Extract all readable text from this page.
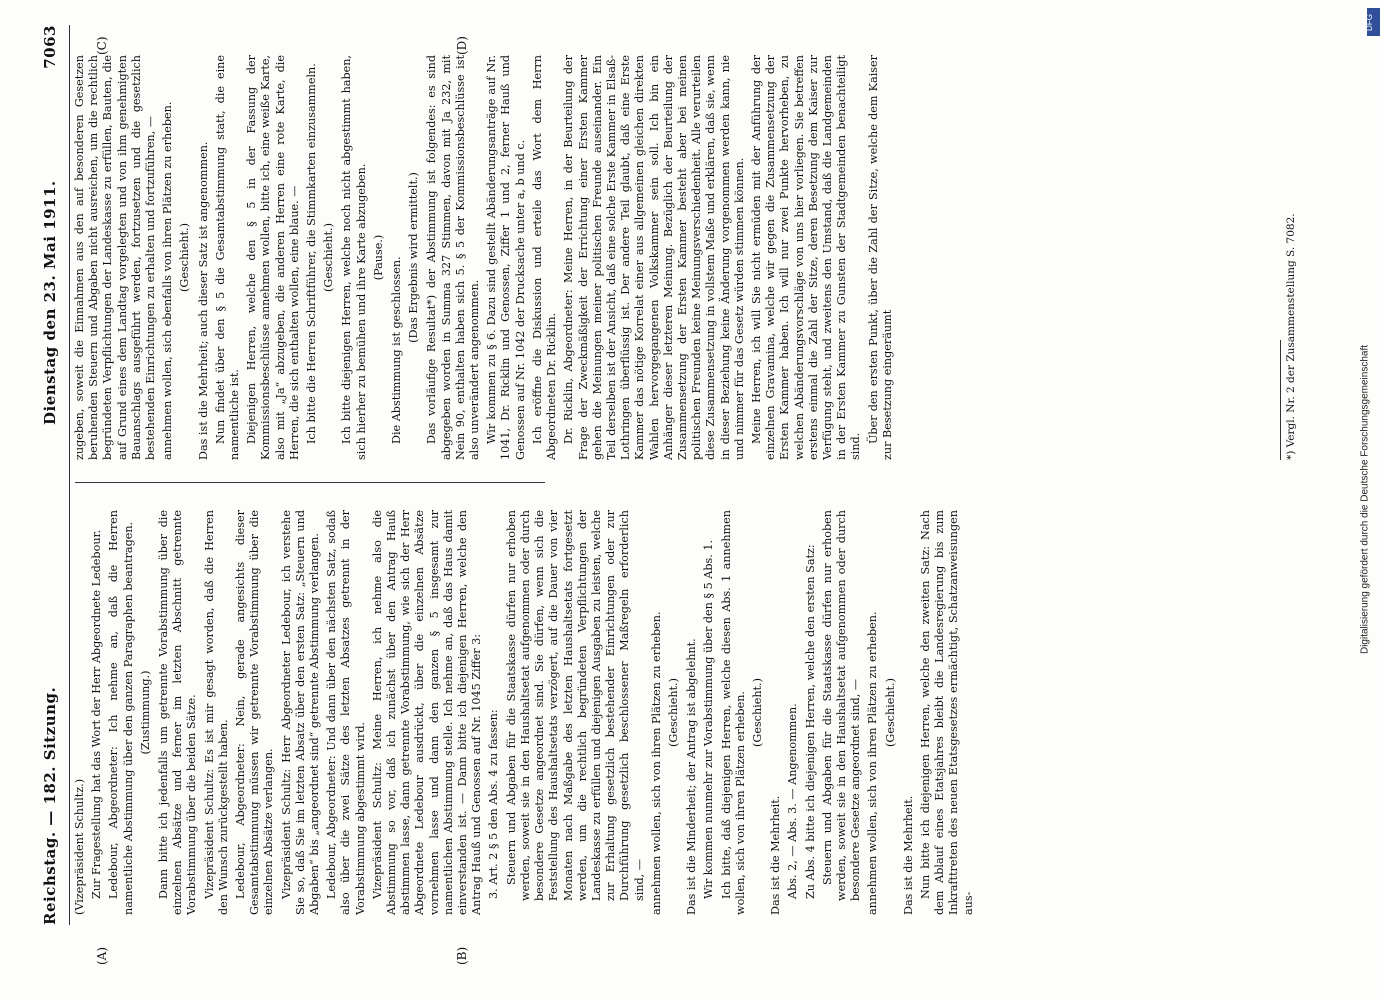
Reichstag. — 182. Sitzung.
Dienstag den 23. Mai 1911.
7063
(A)	(B)
(C)	(D)

(Vizepräsident Schultz.) Zur Fragestellung hat das Wort der Herr Abgeordnete Ledebour. Ledebour, Abgeordneter: Ich nehme an, daß die Herren namentliche Abstimmung über den ganzen Paragraphen beantragen. (Zustimmung.) Dann bitte ich jedenfalls um getrennte Vorabstimmung über die einzelnen Absätze und ferner im letzten Abschnitt getrennte Vorabstimmung über die beiden Sätze. Vizepräsident Schultz: Es ist mir gesagt worden, daß die Herren den Wunsch zurückgestellt haben. Ledebour, Abgeordneter: Nein, gerade angesichts dieser Gesamtabstimmung müssen wir getrennte Vorabstimmung über die einzelnen Absätze verlangen. Vizepräsident Schultz: Herr Abgeordneter Ledebour, ich verstehe Sie so, daß Sie im letzten Absatz über den ersten Satz: „Steuern und Abgaben“ bis „angeordnet sind“ getrennte Abstimmung verlangen. Ledebour, Abgeordneter: Und dann über den nächsten Satz, sodaß also über die zwei Sätze des letzten Absatzes getrennt in der Vorabstimmung abgestimmt wird. Vizepräsident Schultz: Meine Herren, ich nehme also die Abstimmung so vor, daß ich zunächst über den Antrag Hauß abstimmen lasse, dann getrennte Vorabstimmung, wie sich der Herr Abgeordnete Ledebour ausdrückt, über die einzelnen Absätze vornehmen lasse und dann den ganzen § 5 insgesamt zur namentlichen Abstimmung stelle. Ich nehme an, daß das Haus damit einverstanden ist. — Dann bitte ich diejenigen Herren, welche den Antrag Hauß und Genossen auf Nr. 1045 Ziffer 3: 3. Art. 2 § 5 den Abs. 4 zu fassen: Steuern und Abgaben für die Staatskasse dürfen nur erhoben werden, soweit sie in den Haushaltsetat aufgenommen oder durch besondere Gesetze angeordnet sind. Sie dürfen, wenn sich die Feststellung des Haushaltsetats verzögert, auf die Dauer von vier Monaten nach Maßgabe des letzten Haushaltsetats fortgesetzt werden, um die rechtlich begründeten Verpflichtungen der Landeskasse zu erfüllen und diejenigen Ausgaben zu leisten, welche zur Erhaltung gesetzlich bestehender Einrichtungen oder zur Durchführung gesetzlich beschlossener Maßregeln erforderlich sind, — annehmen wollen, sich von ihren Plätzen zu erheben. (Geschieht.) Das ist die Minderheit; der Antrag ist abgelehnt. Wir kommen nunmehr zur Vorabstimmung über den § 5 Abs. 1. Ich bitte, daß diejenigen Herren, welche diesen Abs. 1 annehmen wollen, sich von ihren Plätzen erheben. (Geschieht.)

Das ist die Mehrheit. Abs. 2, — Abs. 3. — Angenommen. Zu Abs. 4 bitte ich diejenigen Herren, welche den ersten Satz: Steuern und Abgaben für die Staatskasse dürfen nur erhoben werden, soweit sie in den Haushaltsetat aufgenommen oder durch besondere Gesetze angeordnet sind, — annehmen wollen, sich von ihren Plätzen zu erheben. (Geschieht.)

Das ist die Mehrheit. Nun bitte ich diejenigen Herren, welche den zweiten Satz: Nach dem Ablauf eines Etatsjahres bleibt die Landesregierung bis zum Inkrafttreten des neuen Etatsgesetzes ermächtigt, Schatzanweisungen aus-

zugeben, soweit die Einnahmen aus den auf besonderen Gesetzen beruhenden Steuern und Abgaben nicht ausreichen, um die rechtlich begründeten Verpflichtungen der Landeskasse zu erfüllen, Bauten, die auf Grund eines dem Landtag vorgelegten und von ihm genehmigten Bauanschlags ausgeführt werden, fortzusetzen und die gesetzlich bestehenden Einrichtungen zu erhalten und fortzuführen, — annehmen wollen, sich ebenfalls von ihren Plätzen zu erheben. (Geschieht.) Das ist die Mehrheit; auch dieser Satz ist angenommen. Nun findet über den § 5 die Gesamtabstimmung statt, die eine namentliche ist. Diejenigen Herren, welche den § 5 in der Fassung der Kommissionsbeschlüsse annehmen wollen, bitte ich, eine weiße Karte, also mit „Ja“ abzugeben, die anderen Herren eine rote Karte, die Herren, die sich enthalten wollen, eine blaue. — Ich bitte die Herren Schriftführer, die Stimmkarten einzusammeln. (Geschieht.) Ich bitte diejenigen Herren, welche noch nicht abgestimmt haben, sich hierher zu bemühen und ihre Karte abzugeben. (Pause.) Die Abstimmung ist geschlossen. (Das Ergebnis wird ermittelt.) Das vorläufige Resultat*) der Abstimmung ist folgendes: es sind abgegeben worden in Summa 327 Stimmen, davon mit Ja 232, mit Nein 90, enthalten haben sich 5. § 5 der Kommissionsbeschlüsse ist also unverändert angenommen. Wir kommen zu § 6. Dazu sind gestellt Abänderungsanträge auf Nr. 1041, Dr. Ricklin und Genossen, Ziffer 1 und 2, ferner Hauß und Genossen auf Nr. 1042 der Drucksache unter a, b und c. Ich eröffne die Diskussion und erteile das Wort dem Herrn Abgeordneten Dr. Ricklin. Dr. Ricklin, Abgeordneter: Meine Herren, in der Beurteilung der Frage der Zweckmäßigkeit der Errichtung einer Ersten Kammer gehen die Meinungen meiner politischen Freunde auseinander. Ein Teil derselben ist der Ansicht, daß eine solche Erste Kammer in Elsaß-Lothringen überflüssig ist. Der andere Teil glaubt, daß eine Erste Kammer das nötige Korrelat einer aus allgemeinen gleichen direkten Wahlen hervorgegangenen Volkskammer sein soll. Ich bin ein Anhänger dieser letzteren Meinung. Bezüglich der Beurteilung der Zusammensetzung der Ersten Kammer besteht aber bei meinen politischen Freunden keine Meinungsverschiedenheit. Alle verurteilen diese Zusammensetzung in vollstem Maße und erklären, daß sie, wenn in dieser Beziehung keine Änderung vorgenommen werden kann, nie und nimmer für das Gesetz würden stimmen können. Meine Herren, ich will Sie nicht ermüden mit der Anführung der einzelnen Gravamina, welche wir gegen die Zusammensetzung der Ersten Kammer haben. Ich will nur zwei Punkte hervorheben, zu welchen Abänderungsvorschläge von uns hier vorliegen. Sie betreffen erstens einmal die Zahl der Sitze, deren Besetzung dem Kaiser zur Verfügung steht, und zweitens den Umstand, daß die Landgemeinden in der Ersten Kammer zu Gunsten der Stadtgemeinden benachteiligt sind.

Über den ersten Punkt, über die Zahl der Sitze, welche dem Kaiser zur Besetzung eingeräumt	*) Vergl. Nr. 2 der Zusammenstellung S. 7082.
Digitalisierung gefördert durch die Deutsche Forschungsgemeinschaft
DFG
